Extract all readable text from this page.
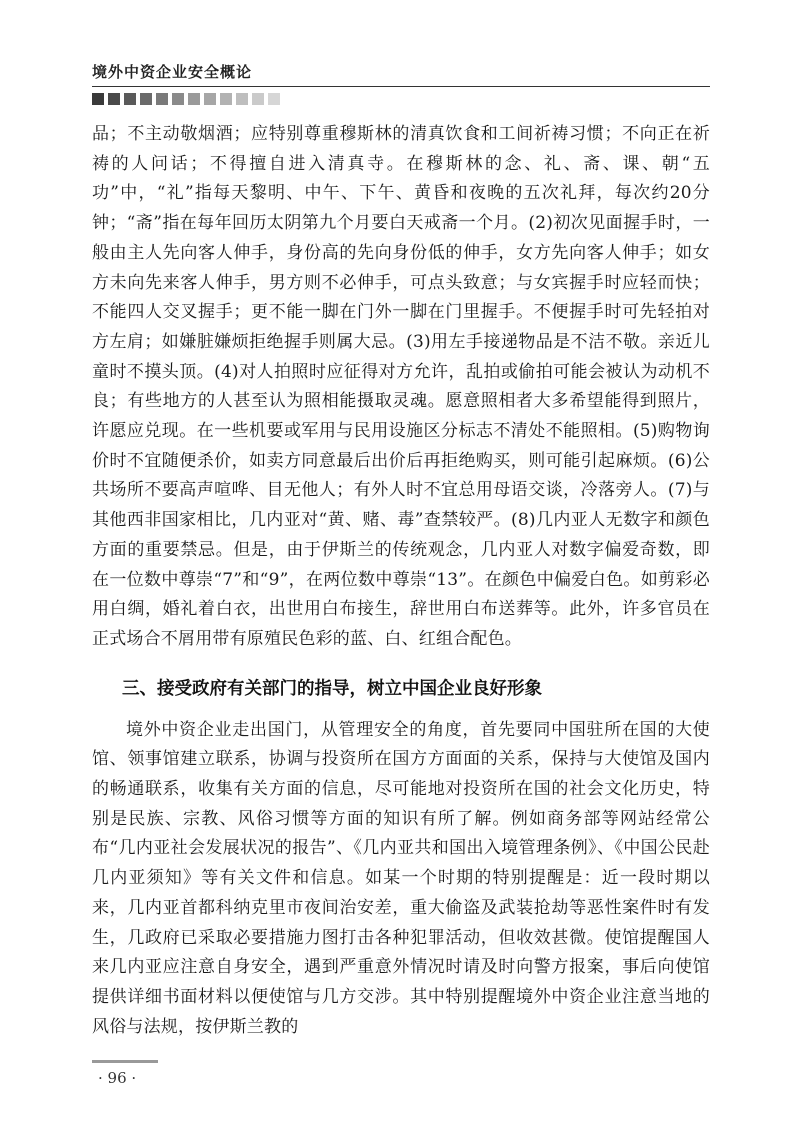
境外中资企业安全概论

品；不主动敬烟酒；应特别尊重穆斯林的清真饮食和工间祈祷习惯；不向正在祈祷的人问话；不得擅自进入清真寺。在穆斯林的念、礼、斋、课、朝“五功”中，“礼”指每天黎明、中午、下午、黄昏和夜晚的五次礼拜，每次约20分钟；“斋”指在每年回历太阴第九个月要白天戒斋一个月。(2)初次见面握手时，一般由主人先向客人伸手，身份高的先向身份低的伸手，女方先向客人伸手；如女方未向先来客人伸手，男方则不必伸手，可点头致意；与女宾握手时应轻而快；不能四人交叉握手；更不能一脚在门外一脚在门里握手。不便握手时可先轻拍对方左肩；如嫌脏嫌烦拒绝握手则属大忌。(3)用左手接递物品是不洁不敬。亲近儿童时不摸头顶。(4)对人拍照时应征得对方允许，乱拍或偷拍可能会被认为动机不良；有些地方的人甚至认为照相能摄取灵魂。愿意照相者大多希望能得到照片，许愿应兑现。在一些机要或军用与民用设施区分标志不清处不能照相。(5)购物询价时不宜随便杀价，如卖方同意最后出价后再拒绝购买，则可能引起麻烦。(6)公共场所不要高声喧哗、目无他人；有外人时不宜总用母语交谈，冷落旁人。(7)与其他西非国家相比，几内亚对“黄、赌、毒”查禁较严。(8)几内亚人无数字和颜色方面的重要禁忌。但是，由于伊斯兰的传统观念，几内亚人对数字偏爱奇数，即在一位数中尊崇“7”和“9”，在两位数中尊崇“13”。在颜色中偏爱白色。如剪彩必用白绸，婚礼着白衣，出世用白布接生，辞世用白布送葬等。此外，许多官员在正式场合不屑用带有原殖民色彩的蓝、白、红组合配色。

三、接受政府有关部门的指导，树立中国企业良好形象

境外中资企业走出国门，从管理安全的角度，首先要同中国驻所在国的大使馆、领事馆建立联系，协调与投资所在国方方面面的关系，保持与大使馆及国内的畅通联系，收集有关方面的信息，尽可能地对投资所在国的社会文化历史，特别是民族、宗教、风俗习惯等方面的知识有所了解。例如商务部等网站经常公布“几内亚社会发展状况的报告”、《几内亚共和国出入境管理条例》、《中国公民赴几内亚须知》等有关文件和信息。如某一个时期的特别提醒是：近一段时期以来，几内亚首都科纳克里市夜间治安差，重大偷盗及武装抢劫等恶性案件时有发生，几政府已采取必要措施力图打击各种犯罪活动，但收效甚微。使馆提醒国人来几内亚应注意自身安全，遇到严重意外情况时请及时向警方报案，事后向使馆提供详细书面材料以便使馆与几方交涉。其中特别提醒境外中资企业注意当地的风俗与法规，按伊斯兰教的

· 96 ·
